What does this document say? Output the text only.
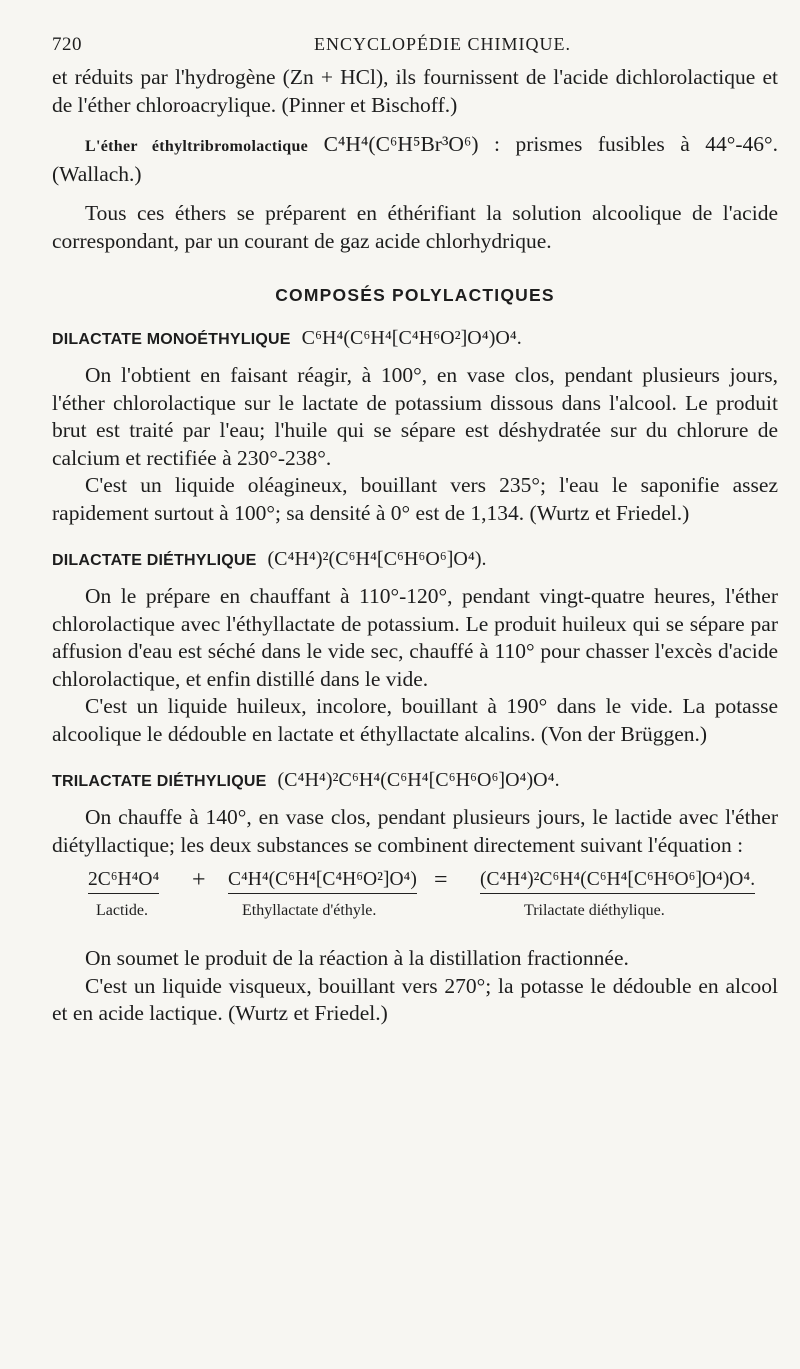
720	ENCYCLOPÉDIE CHIMIQUE.

et réduits par l'hydrogène (Zn + HCl), ils fournissent de l'acide dichlorolactique et de l'éther chloroacrylique. (Pinner et Bischoff.)

L'éther éthyltribromolactique C⁴H⁴(C⁶H⁵Br³O⁶) : prismes fusibles à 44°-46°. (Wallach.)

Tous ces éthers se préparent en éthérifiant la solution alcoolique de l'acide correspondant, par un courant de gaz acide chlorhydrique.

COMPOSÉS POLYLACTIQUES
DILACTATE MONOÉTHYLIQUE C⁶H⁴(C⁶H⁴[C⁴H⁶O²]O⁴)O⁴.

On l'obtient en faisant réagir, à 100°, en vase clos, pendant plusieurs jours, l'éther chlorolactique sur le lactate de potassium dissous dans l'alcool. Le produit brut est traité par l'eau; l'huile qui se sépare est déshydratée sur du chlorure de calcium et rectifiée à 230°-238°.

C'est un liquide oléagineux, bouillant vers 235°; l'eau le saponifie assez rapidement surtout à 100°; sa densité à 0° est de 1,134. (Wurtz et Friedel.)

DILACTATE DIÉTHYLIQUE (C⁴H⁴)²(C⁶H⁴[C⁶H⁶O⁶]O⁴).

On le prépare en chauffant à 110°-120°, pendant vingt-quatre heures, l'éther chlorolactique avec l'éthyllactate de potassium. Le produit huileux qui se sépare par affusion d'eau est séché dans le vide sec, chauffé à 110° pour chasser l'excès d'acide chlorolactique, et enfin distillé dans le vide.

C'est un liquide huileux, incolore, bouillant à 190° dans le vide. La potasse alcoolique le dédouble en lactate et éthyllactate alcalins. (Von der Brüggen.)

TRILACTATE DIÉTHYLIQUE (C⁴H⁴)²C⁶H⁴(C⁶H⁴[C⁶H⁶O⁶]O⁴)O⁴.

On chauffe à 140°, en vase clos, pendant plusieurs jours, le lactide avec l'éther diétyllactique; les deux substances se combinent directement suivant l'équation :

2C⁶H⁴O⁴ + C⁴H⁴(C⁶H⁴[C⁴H⁶O²]O⁴) = (C⁴H⁴)²C⁶H⁴(C⁶H⁴[C⁶H⁶O⁶]O⁴)O⁴.
Lactide.	Ethyllactate d'éthyle.	Trilactate diéthylique.

On soumet le produit de la réaction à la distillation fractionnée.

C'est un liquide visqueux, bouillant vers 270°; la potasse le dédouble en alcool et en acide lactique. (Wurtz et Friedel.)
